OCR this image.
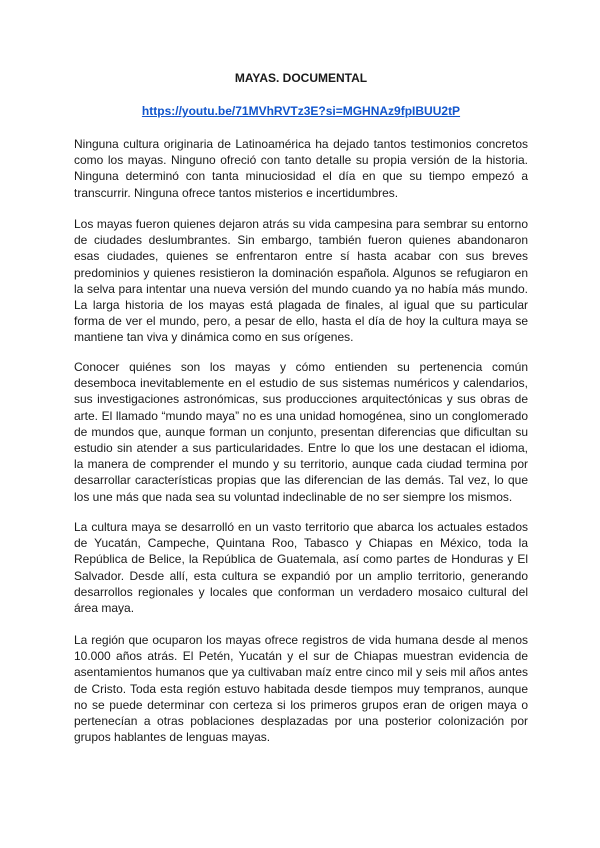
MAYAS. DOCUMENTAL

https://youtu.be/71MVhRVTz3E?si=MGHNAz9fpIBUU2tP

Ninguna cultura originaria de Latinoamérica ha dejado tantos testimonios concretos como los mayas. Ninguno ofreció con tanto detalle su propia versión de la historia. Ninguna determinó con tanta minuciosidad el día en que su tiempo empezó a transcurrir. Ninguna ofrece tantos misterios e incertidumbres.

Los mayas fueron quienes dejaron atrás su vida campesina para sembrar su entorno de ciudades deslumbrantes. Sin embargo, también fueron quienes abandonaron esas ciudades, quienes se enfrentaron entre sí hasta acabar con sus breves predominios y quienes resistieron la dominación española. Algunos se refugiaron en la selva para intentar una nueva versión del mundo cuando ya no había más mundo. La larga historia de los mayas está plagada de finales, al igual que su particular forma de ver el mundo, pero, a pesar de ello, hasta el día de hoy la cultura maya se mantiene tan viva y dinámica como en sus orígenes.

Conocer quiénes son los mayas y cómo entienden su pertenencia común desemboca inevitablemente en el estudio de sus sistemas numéricos y calendarios, sus investigaciones astronómicas, sus producciones arquitectónicas y sus obras de arte. El llamado “mundo maya” no es una unidad homogénea, sino un conglomerado de mundos que, aunque forman un conjunto, presentan diferencias que dificultan su estudio sin atender a sus particularidades. Entre lo que los une destacan el idioma, la manera de comprender el mundo y su territorio, aunque cada ciudad termina por desarrollar características propias que las diferencian de las demás. Tal vez, lo que los une más que nada sea su voluntad indeclinable de no ser siempre los mismos.

La cultura maya se desarrolló en un vasto territorio que abarca los actuales estados de Yucatán, Campeche, Quintana Roo, Tabasco y Chiapas en México, toda la República de Belice, la República de Guatemala, así como partes de Honduras y El Salvador. Desde allí, esta cultura se expandió por un amplio territorio, generando desarrollos regionales y locales que conforman un verdadero mosaico cultural del área maya.

La región que ocuparon los mayas ofrece registros de vida humana desde al menos 10.000 años atrás. El Petén, Yucatán y el sur de Chiapas muestran evidencia de asentamientos humanos que ya cultivaban maíz entre cinco mil y seis mil años antes de Cristo. Toda esta región estuvo habitada desde tiempos muy tempranos, aunque no se puede determinar con certeza si los primeros grupos eran de origen maya o pertenecían a otras poblaciones desplazadas por una posterior colonización por grupos hablantes de lenguas mayas.
